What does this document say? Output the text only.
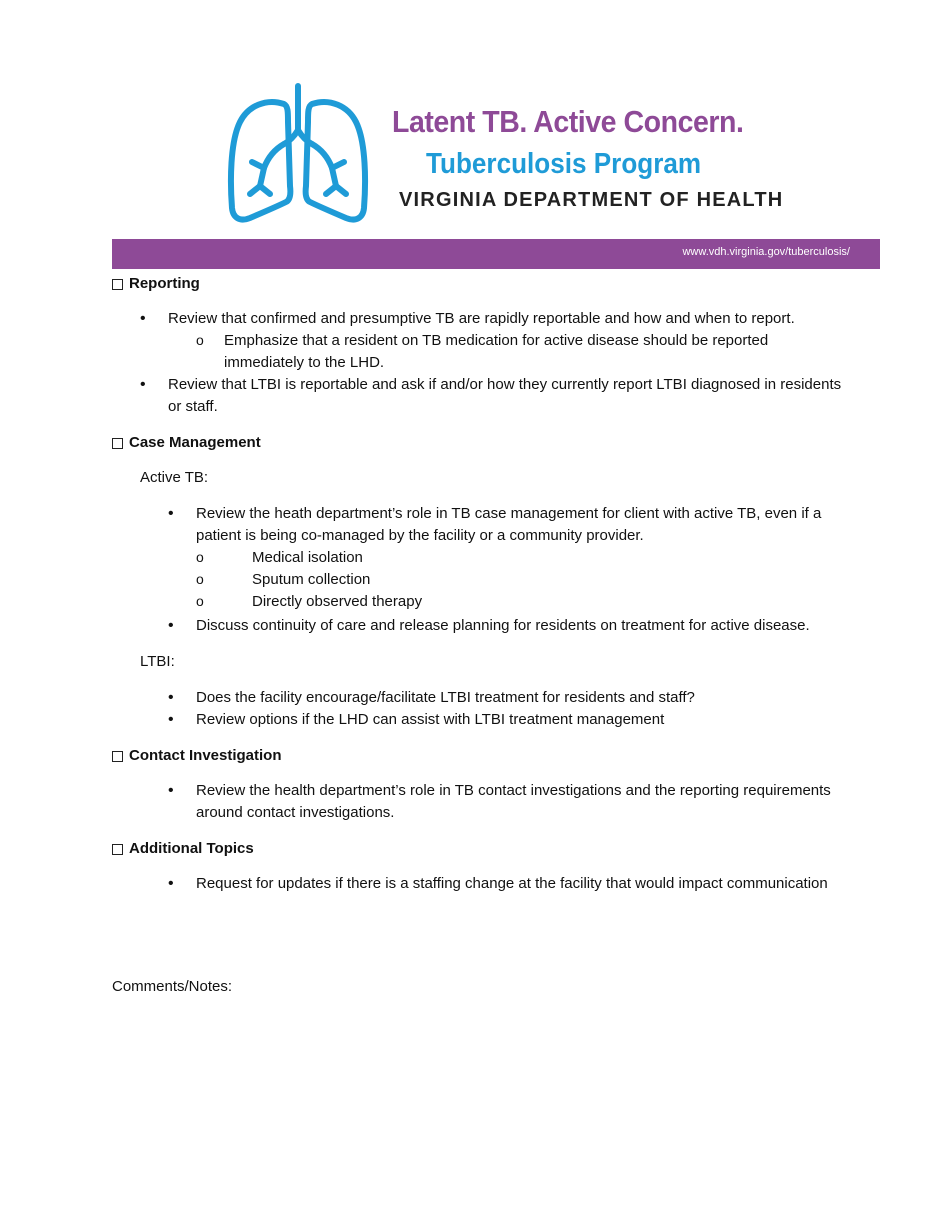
Latent TB. Active Concern.
Tuberculosis Program
VIRGINIA DEPARTMENT OF HEALTH
www.vdh.virginia.gov/tuberculosis/
Reporting
• Review that confirmed and presumptive TB are rapidly reportable and how and when to report.
o Emphasize that a resident on TB medication for active disease should be reported immediately to the LHD.
• Review that LTBI is reportable and ask if and/or how they currently report LTBI diagnosed in residents or staff.
Case Management
Active TB:
• Review the heath department’s role in TB case management for client with active TB, even if a patient is being co-managed by the facility or a community provider.
o Medical isolation
o Sputum collection
o Directly observed therapy
• Discuss continuity of care and release planning for residents on treatment for active disease.
LTBI:
• Does the facility encourage/facilitate LTBI treatment for residents and staff?
• Review options if the LHD can assist with LTBI treatment management
Contact Investigation
• Review the health department’s role in TB contact investigations and the reporting requirements around contact investigations.
Additional Topics
• Request for updates if there is a staffing change at the facility that would impact communication
Comments/Notes:
